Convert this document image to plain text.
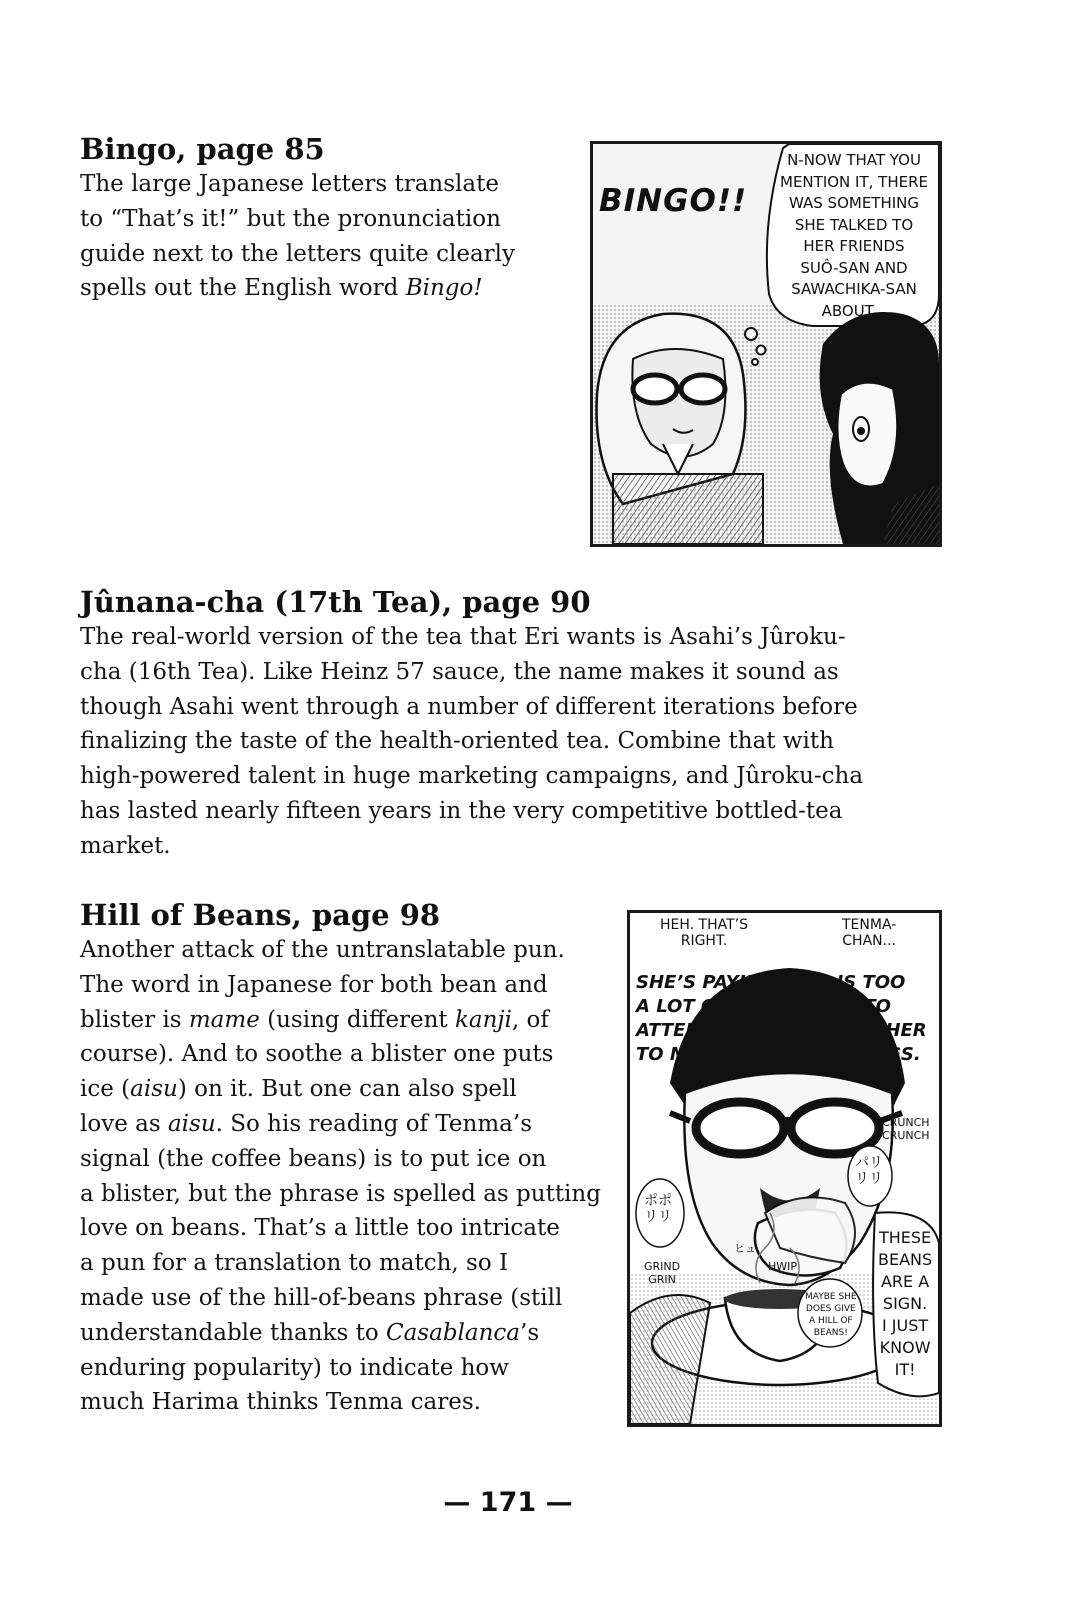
Bingo, page 85
The large Japanese letters translate
to “That’s it!” but the pronunciation
guide next to the letters quite clearly
spells out the English word Bingo!
BINGO!!
N-NOW THAT YOU
MENTION IT, THERE
WAS SOMETHING
SHE TALKED TO
HER FRIENDS
SUÔ-SAN AND
SAWACHIKA-SAN
ABOUT...
Jûnana-cha (17th Tea), page 90
The real-world version of the tea that Eri wants is Asahi’s Jûroku-
cha (16th Tea). Like Heinz 57 sauce, the name makes it sound as
though Asahi went through a number of different iterations before
finalizing the taste of the health-oriented tea. Combine that with
high-powered talent in huge marketing campaigns, and Jûroku-cha
has lasted nearly fifteen years in the very competitive bottled-tea
market.
Hill of Beans, page 98
Another attack of the untranslatable pun.
The word in Japanese for both bean and
blister is mame (using different kanji, of
course). And to soothe a blister one puts
ice (aisu) on it. But one can also spell
love as aisu. So his reading of Tenma’s
signal (the coffee beans) is to put ice on
a blister, but the phrase is spelled as putting
love on beans. That’s a little too intricate
a pun for a translation to match, so I
made use of the hill-of-beans phrase (still
understandable thanks to Casablanca’s
enduring popularity) to indicate how
much Harima thinks Tenma cares.
HEH. THAT’S
RIGHT.
TENMA-
CHAN...
SHE’S PAYING
A LOT OF
ATTENTION
TO ME!!
...IS TOO
SHY TO
SHOW HER
FEELINGS.
CRUNCH
CRUNCH
パリ
リリ
ポポ
リリ
GRIND
GRIN
HWIP
ヒュ
MAYBE SHE
DOES GIVE
A HILL OF
BEANS!
THESE
BEANS
ARE A
SIGN.
I JUST
KNOW
IT!
— 171 —
